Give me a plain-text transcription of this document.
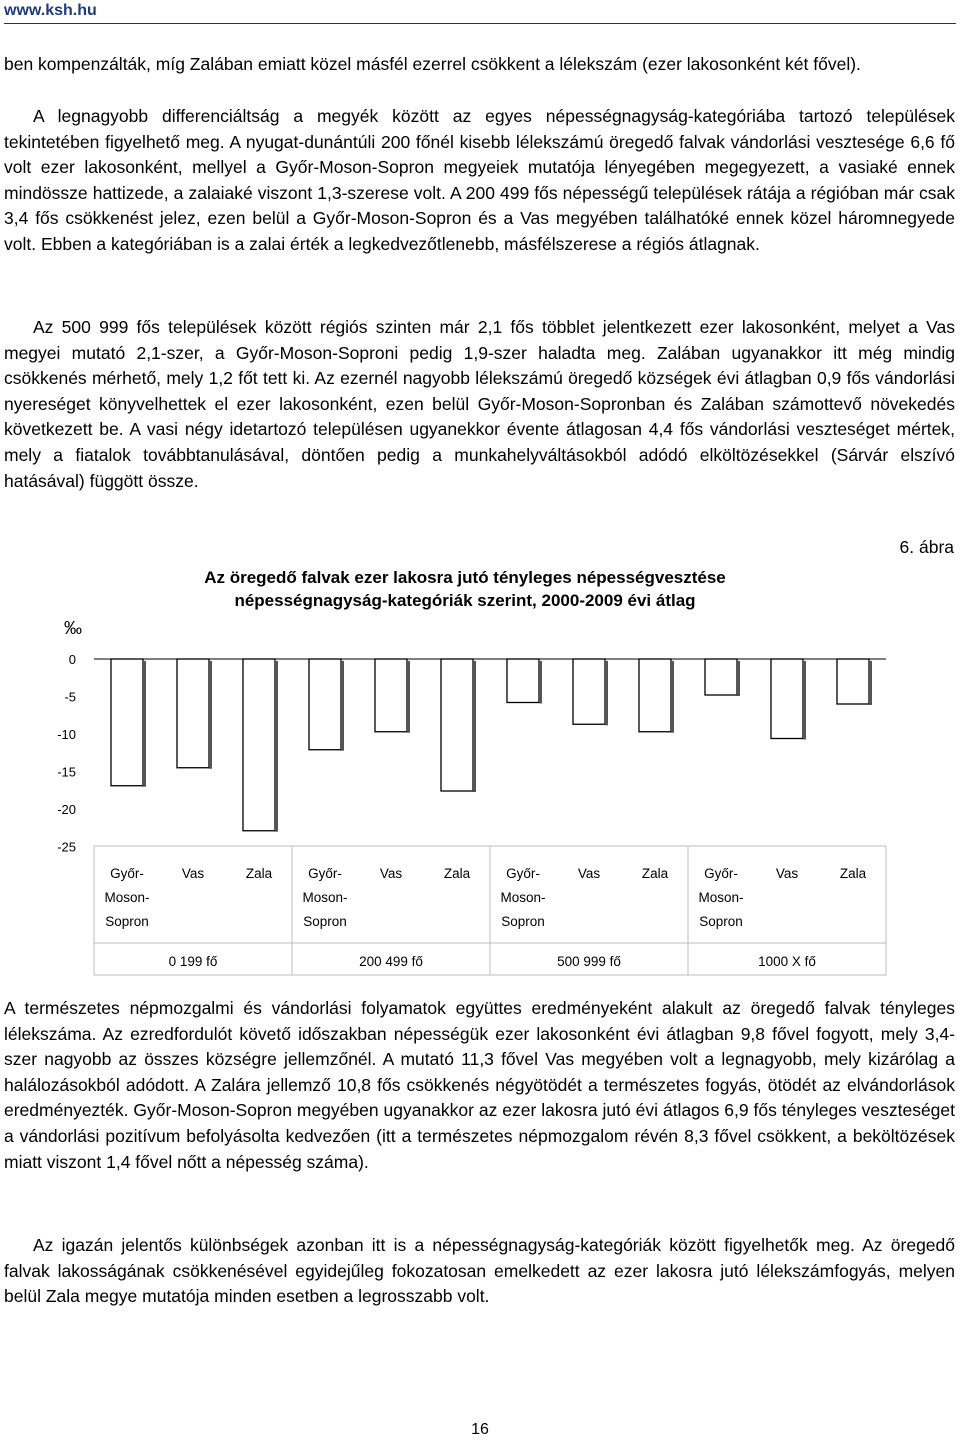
www.ksh.hu

ben kompenzálták, míg Zalában emiatt közel másfél ezerrel csökkent a lélekszám (ezer lakosonként két fővel).

A legnagyobb differenciáltság a megyék között az egyes népességnagyság-kategóriába tartozó települések tekintetében figyelhető meg. A nyugat-dunántúli 200 főnél kisebb lélekszámú öregedő falvak vándorlási vesztesége 6,6 fő volt ezer lakosonként, mellyel a Győr-Moson-Sopron megyeiek mutatója lényegében megegyezett, a vasiaké ennek mindössze hattizede, a zalaiaké viszont 1,3-szerese volt. A 200 499 fős népességű települések rátája a régióban már csak 3,4 fős csökkenést jelez, ezen belül a Győr-Moson-Sopron és a Vas megyében találhatóké ennek közel háromnegyede volt. Ebben a kategóriában is a zalai érték a legkedvezőtlenebb, másfélszerese a régiós átlagnak.

Az 500 999 fős települések között régiós szinten már 2,1 fős többlet jelentkezett ezer lakosonként, melyet a Vas megyei mutató 2,1-szer, a Győr-Moson-Soproni pedig 1,9-szer haladta meg. Zalában ugyanakkor itt még mindig csökkenés mérhető, mely 1,2 főt tett ki. Az ezernél nagyobb lélekszámú öregedő községek évi átlagban 0,9 fős vándorlási nyereséget könyvelhettek el ezer lakosonként, ezen belül Győr-Moson-Sopronban és Zalában számottevő növekedés következett be. A vasi négy idetartozó településen ugyanekkor évente átlagosan 4,4 fős vándorlási veszteséget mértek, mely a fiatalok továbbtanulásával, döntően pedig a munkahelyváltásokból adódó elköltözésekkel (Sárvár elszívó hatásával) függött össze.

6. ábra
Az öregedő falvak ezer lakosra jutó tényleges népességvesztése
népességnagyság-kategóriák szerint, 2000-2009 évi átlag
‰
0
-5
-10
-15
-20
-25
Győr-
Moson-
Sopron
Vas	Zala	Győr-
Moson-
Sopron
Vas	Zala	Győr-
Moson-
Sopron
Vas	Zala	Győr-
Moson-
Sopron
Vas	Zala
0 199 fő	200 499 fő	500 999 fő	1000 X fő

A természetes népmozgalmi és vándorlási folyamatok együttes eredményeként alakult az öregedő falvak tényleges lélekszáma. Az ezredfordulót követő időszakban népességük ezer lakosonként évi átlagban 9,8 fővel fogyott, mely 3,4-szer nagyobb az összes községre jellemzőnél. A mutató 11,3 fővel Vas megyében volt a legnagyobb, mely kizárólag a halálozásokból adódott. A Zalára jellemző 10,8 fős csökkenés négyötödét a természetes fogyás, ötödét az elvándorlások eredményezték. Győr-Moson-Sopron megyében ugyanakkor az ezer lakosra jutó évi átlagos 6,9 fős tényleges veszteséget a vándorlási pozitívum befolyásolta kedvezően (itt a természetes népmozgalom révén 8,3 fővel csökkent, a beköltözések miatt viszont 1,4 fővel nőtt a népesség száma).

Az igazán jelentős különbségek azonban itt is a népességnagyság-kategóriák között figyelhetők meg. Az öregedő falvak lakosságának csökkenésével egyidejűleg fokozatosan emelkedett az ezer lakosra jutó lélekszámfogyás, melyen belül Zala megye mutatója minden esetben a legrosszabb volt.

16
